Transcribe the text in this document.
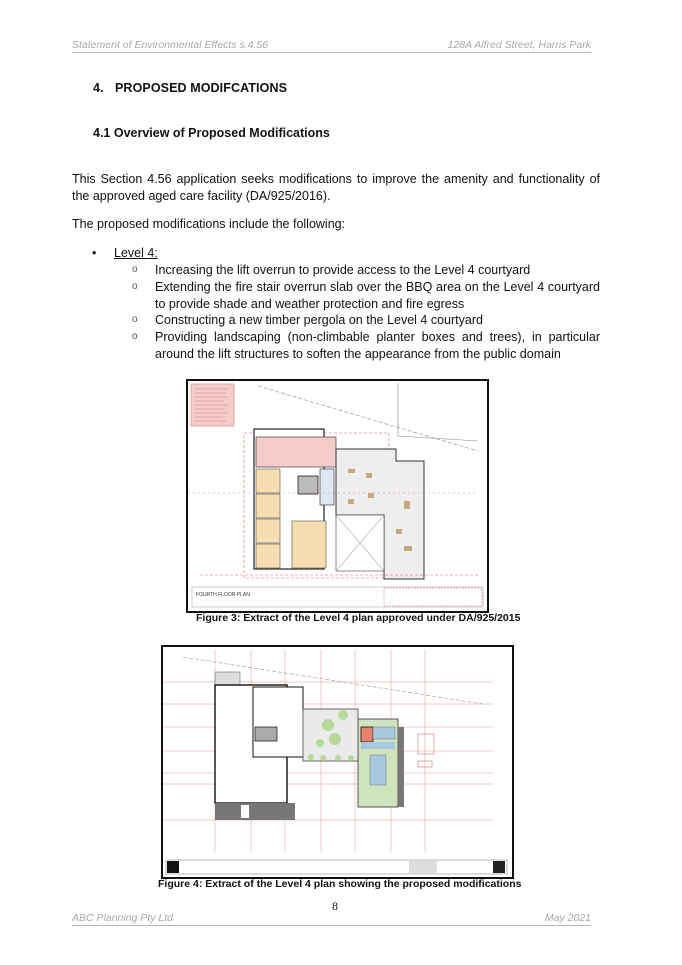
Statement of Environmental Effects s.4.56	128A Alfred Street, Harris Park
4. PROPOSED MODIFCATIONS
4.1 Overview of Proposed Modifications
This Section 4.56 application seeks modifications to improve the amenity and functionality of the approved aged care facility (DA/925/2016).
The proposed modifications include the following:
• Level 4:
o Increasing the lift overrun to provide access to the Level 4 courtyard
o Extending the fire stair overrun slab over the BBQ area on the Level 4 courtyard to provide shade and weather protection and fire egress
o Constructing a new timber pergola on the Level 4 courtyard
o Providing landscaping (non-climbable planter boxes and trees), in particular around the lift structures to soften the appearance from the public domain
FOURTH FLOOR PLAN
Figure 3: Extract of the Level 4 plan approved under DA/925/2015
Figure 4: Extract of the Level 4 plan showing the proposed modifications
8
ABC Planning Pty Ltd	May 2021
